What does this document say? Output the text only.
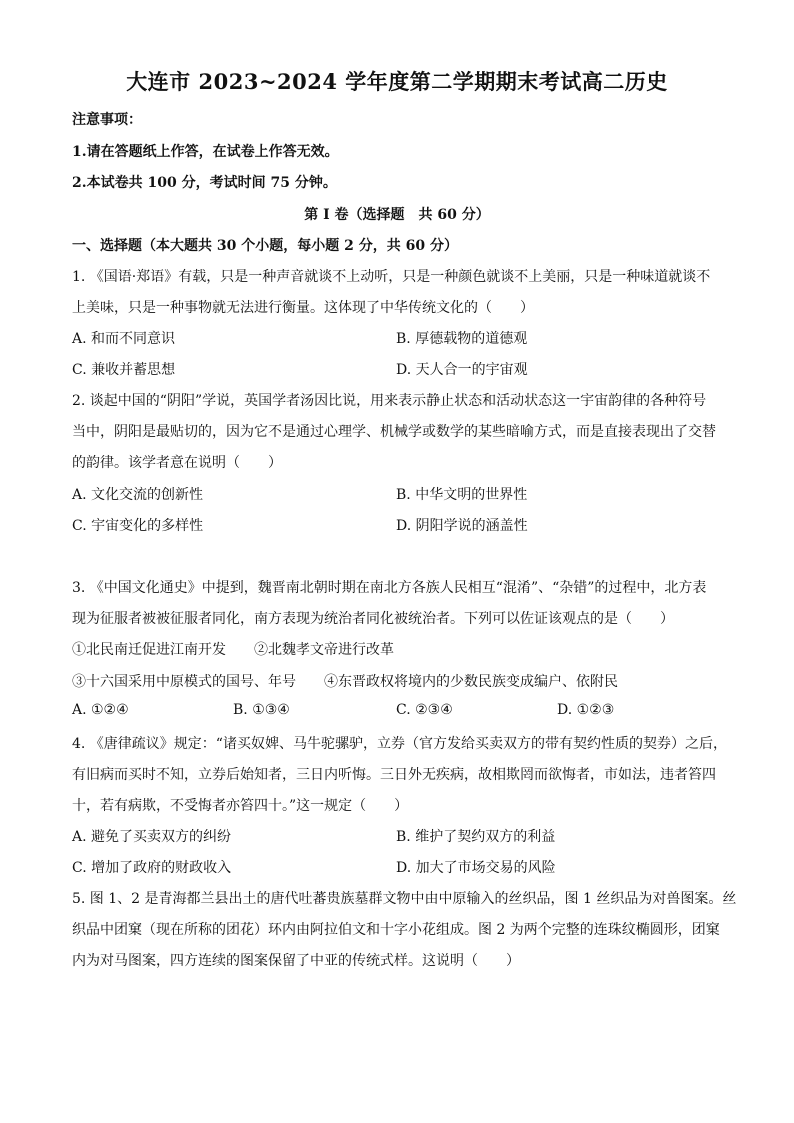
大连市 2023~2024 学年度第二学期期末考试高二历史
注意事项：
1.请在答题纸上作答，在试卷上作答无效。
2.本试卷共 100 分，考试时间 75 分钟。
第 I 卷（选择题　共 60 分）
一、选择题（本大题共 30 个小题，每小题 2 分，共 60 分）
1. 《国语·郑语》有载，只是一种声音就谈不上动听，只是一种颜色就谈不上美丽，只是一种味道就谈不
上美味，只是一种事物就无法进行衡量。这体现了中华传统文化的（　　）
A. 和而不同意识	B. 厚德载物的道德观
C. 兼收并蓄思想	D. 天人合一的宇宙观
2. 谈起中国的“阴阳”学说，英国学者汤因比说，用来表示静止状态和活动状态这一宇宙韵律的各种符号
当中，阴阳是最贴切的，因为它不是通过心理学、机械学或数学的某些暗喻方式，而是直接表现出了交替
的韵律。该学者意在说明（　　）
A. 文化交流的创新性	B. 中华文明的世界性
C. 宇宙变化的多样性	D. 阴阳学说的涵盖性
3. 《中国文化通史》中提到，魏晋南北朝时期在南北方各族人民相互“混淆”、“杂错”的过程中，北方表
现为征服者被被征服者同化，南方表现为统治者同化被统治者。下列可以佐证该观点的是（　　）
①北民南迁促进江南开发　　②北魏孝文帝进行改革
③十六国采用中原模式的国号、年号　　④东晋政权将境内的少数民族变成编户、依附民
A. ①②④	B. ①③④	C. ②③④	D. ①②③
4. 《唐律疏议》规定：“诸买奴婢、马牛驼骡驴，立券（官方发给买卖双方的带有契约性质的契券）之后，
有旧病而买时不知，立券后始知者，三日内听悔。三日外无疾病，故相欺罔而欲悔者，市如法，违者笞四
十，若有病欺，不受悔者亦笞四十。”这一规定（　　）
A. 避免了买卖双方的纠纷	B. 维护了契约双方的利益
C. 增加了政府的财政收入	D. 加大了市场交易的风险
5. 图 1、2 是青海都兰县出土的唐代吐蕃贵族墓群文物中由中原输入的丝织品，图 1 丝织品为对兽图案。丝
织品中团窠（现在所称的团花）环内由阿拉伯文和十字小花组成。图 2 为两个完整的连珠纹椭圆形，团窠
内为对马图案，四方连续的图案保留了中亚的传统式样。这说明（　　）
